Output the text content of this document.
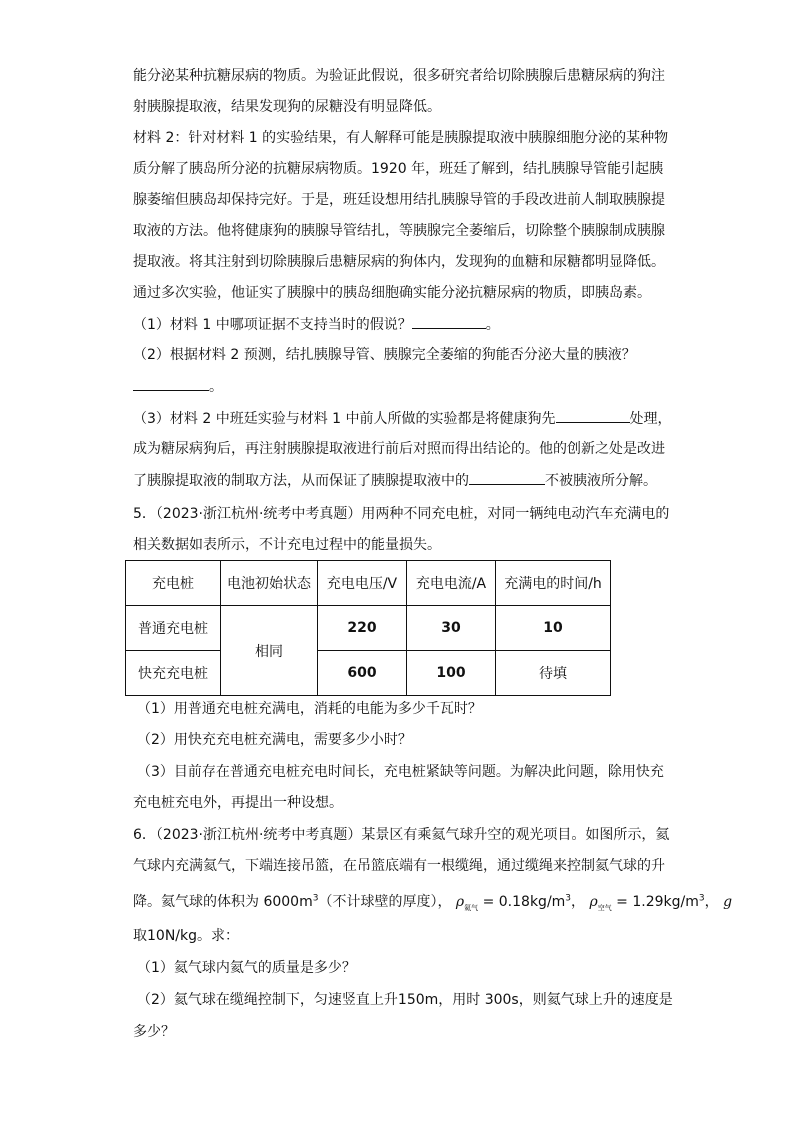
能分泌某种抗糖尿病的物质。为验证此假说，很多研究者给切除胰腺后患糖尿病的狗注
射胰腺提取液，结果发现狗的尿糖没有明显降低。
材料 2：针对材料 1 的实验结果，有人解释可能是胰腺提取液中胰腺细胞分泌的某种物
质分解了胰岛所分泌的抗糖尿病物质。1920 年，班廷了解到，结扎胰腺导管能引起胰
腺萎缩但胰岛却保持完好。于是，班廷设想用结扎胰腺导管的手段改进前人制取胰腺提
取液的方法。他将健康狗的胰腺导管结扎，等胰腺完全萎缩后，切除整个胰腺制成胰腺
提取液。将其注射到切除胰腺后患糖尿病的狗体内，发现狗的血糖和尿糖都明显降低。
通过多次实验，他证实了胰腺中的胰岛细胞确实能分泌抗糖尿病的物质，即胰岛素。
（1）材料 1 中哪项证据不支持当时的假说？	。
（2）根据材料 2 预测，结扎胰腺导管、胰腺完全萎缩的狗能否分泌大量的胰液？
。
（3）材料 2 中班廷实验与材料 1 中前人所做的实验都是将健康狗先	处理，
成为糖尿病狗后，再注射胰腺提取液进行前后对照而得出结论的。他的创新之处是改进
了胰腺提取液的制取方法，从而保证了胰腺提取液中的	不被胰液所分解。
5．（2023·浙江杭州·统考中考真题）用两种不同充电桩，对同一辆纯电动汽车充满电的
相关数据如表所示，不计充电过程中的能量损失。
充电桩	电池初始状态	充电电压/V	充电电流/A	充满电的时间/h
普通充电桩	相同	220	30	10
快充充电桩		600	100	待填
（1）用普通充电桩充满电，消耗的电能为多少千瓦时？
（2）用快充充电桩充满电，需要多少小时？
（3）目前存在普通充电桩充电时间长，充电桩紧缺等问题。为解决此问题，除用快充
充电桩充电外，再提出一种设想。
6．（2023·浙江杭州·统考中考真题）某景区有乘氦气球升空的观光项目。如图所示，氦
气球内充满氦气，下端连接吊篮，在吊篮底端有一根缆绳，通过缆绳来控制氦气球的升
降。氦气球的体积为 $6000m^3$（不计球壁的厚度）， $\rho_{氦气} = 0.18kg/m^3$， $\rho_{空气} = 1.29kg/m^3$， g
取10N/kg。求：
（1）氦气球内氦气的质量是多少？
（2）氦气球在缆绳控制下，匀速竖直上升150m，用时 300s，则氦气球上升的速度是
多少？
